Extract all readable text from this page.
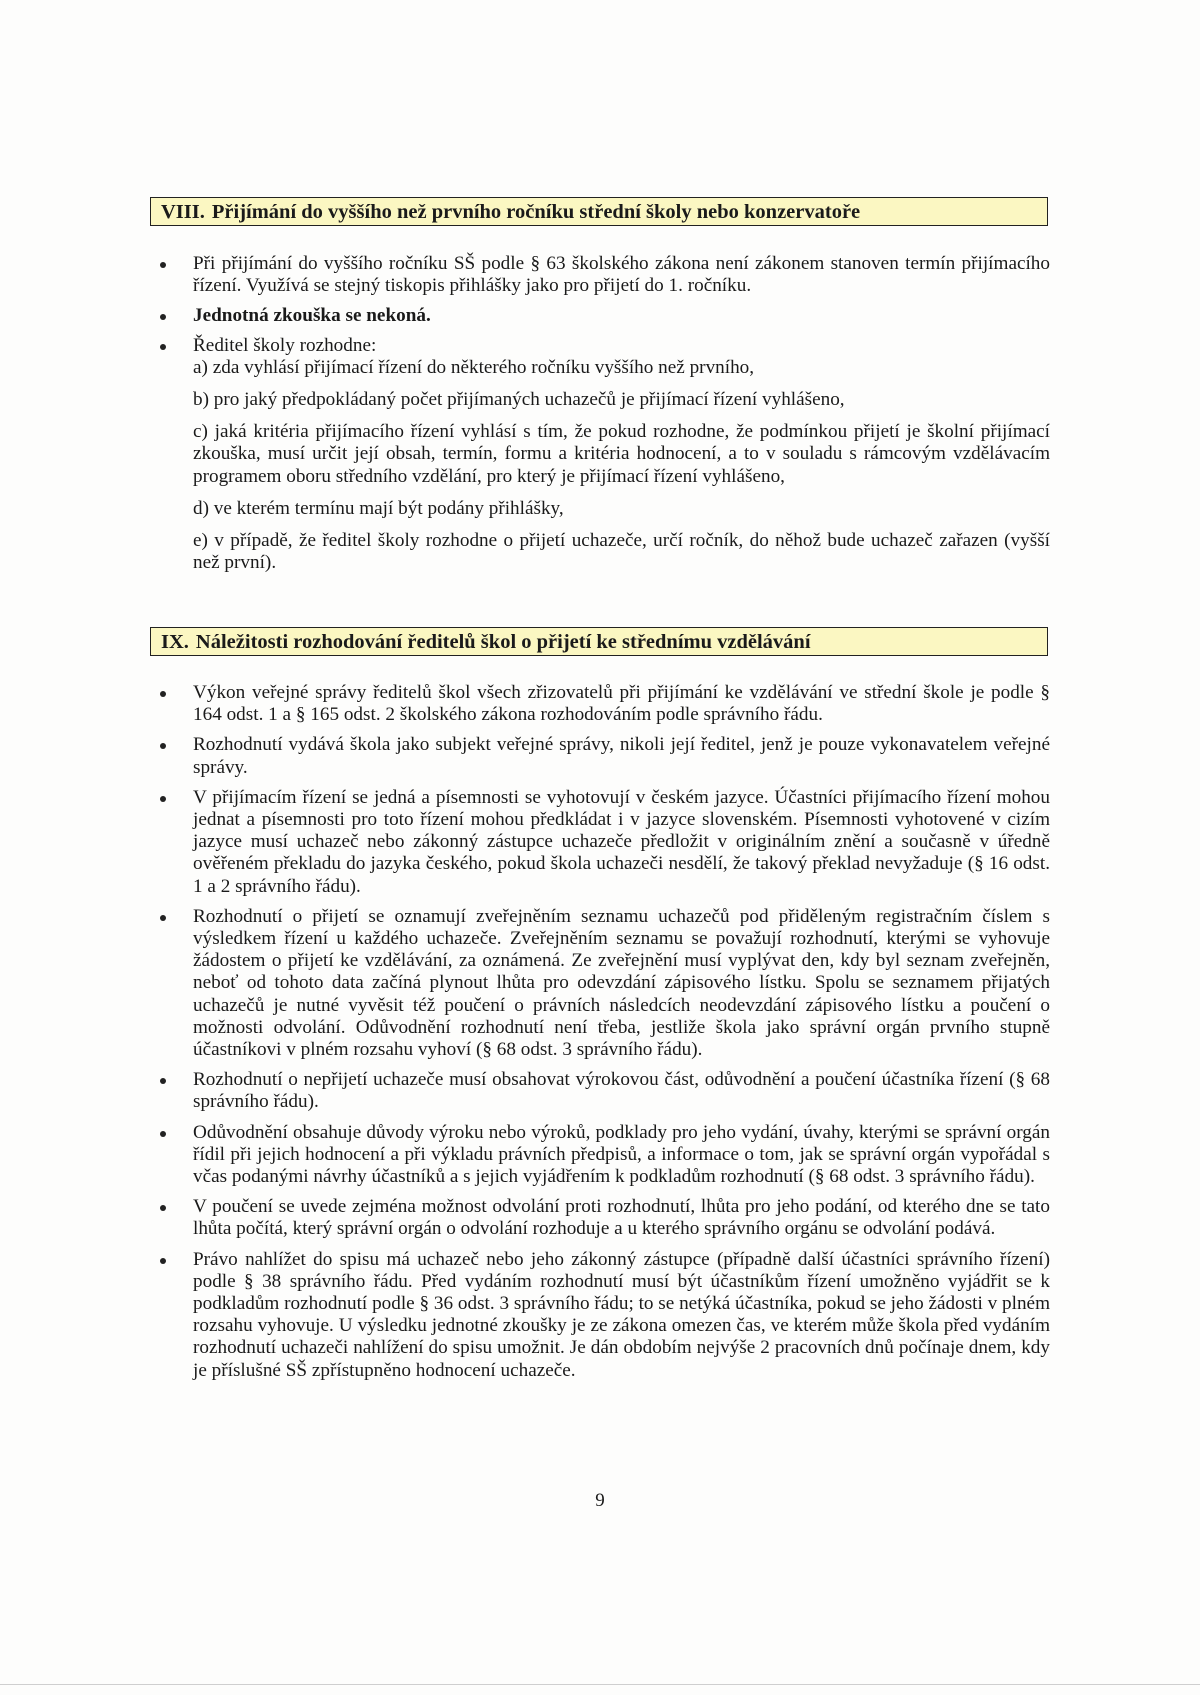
VIII. Přijímání do vyššího než prvního ročníku střední školy nebo konzervatoře
Při přijímání do vyššího ročníku SŠ podle § 63 školského zákona není zákonem stanoven termín přijímacího řízení. Využívá se stejný tiskopis přihlášky jako pro přijetí do 1. ročníku.
Jednotná zkouška se nekoná.
Ředitel školy rozhodne:
a) zda vyhlásí přijímací řízení do některého ročníku vyššího než prvního,
b) pro jaký předpokládaný počet přijímaných uchazečů je přijímací řízení vyhlášeno,
c) jaká kritéria přijímacího řízení vyhlásí s tím, že pokud rozhodne, že podmínkou přijetí je školní přijímací zkouška, musí určit její obsah, termín, formu a kritéria hodnocení, a to v souladu s rámcovým vzdělávacím programem oboru středního vzdělání, pro který je přijímací řízení vyhlášeno,
d) ve kterém termínu mají být podány přihlášky,
e) v případě, že ředitel školy rozhodne o přijetí uchazeče, určí ročník, do něhož bude uchazeč zařazen (vyšší než první).
IX. Náležitosti rozhodování ředitelů škol o přijetí ke střednímu vzdělávání
Výkon veřejné správy ředitelů škol všech zřizovatelů při přijímání ke vzdělávání ve střední škole je podle § 164 odst. 1 a § 165 odst. 2 školského zákona rozhodováním podle správního řádu.
Rozhodnutí vydává škola jako subjekt veřejné správy, nikoli její ředitel, jenž je pouze vykonavatelem veřejné správy.
V přijímacím řízení se jedná a písemnosti se vyhotovují v českém jazyce. Účastníci přijímacího řízení mohou jednat a písemnosti pro toto řízení mohou předkládat i v jazyce slovenském. Písemnosti vyhotovené v cizím jazyce musí uchazeč nebo zákonný zástupce uchazeče předložit v originálním znění a současně v úředně ověřeném překladu do jazyka českého, pokud škola uchazeči nesdělí, že takový překlad nevyžaduje (§ 16 odst. 1 a 2 správního řádu).
Rozhodnutí o přijetí se oznamují zveřejněním seznamu uchazečů pod přiděleným registračním číslem s výsledkem řízení u každého uchazeče. Zveřejněním seznamu se považují rozhodnutí, kterými se vyhovuje žádostem o přijetí ke vzdělávání, za oznámená. Ze zveřejnění musí vyplývat den, kdy byl seznam zveřejněn, neboť od tohoto data začíná plynout lhůta pro odevzdání zápisového lístku. Spolu se seznamem přijatých uchazečů je nutné vyvěsit též poučení o právních následcích neodevzdání zápisového lístku a poučení o možnosti odvolání. Odůvodnění rozhodnutí není třeba, jestliže škola jako správní orgán prvního stupně účastníkovi v plném rozsahu vyhoví (§ 68 odst. 3 správního řádu).
Rozhodnutí o nepřijetí uchazeče musí obsahovat výrokovou část, odůvodnění a poučení účastníka řízení (§ 68 správního řádu).
Odůvodnění obsahuje důvody výroku nebo výroků, podklady pro jeho vydání, úvahy, kterými se správní orgán řídil při jejich hodnocení a při výkladu právních předpisů, a informace o tom, jak se správní orgán vypořádal s včas podanými návrhy účastníků a s jejich vyjádřením k podkladům rozhodnutí (§ 68 odst. 3 správního řádu).
V poučení se uvede zejména možnost odvolání proti rozhodnutí, lhůta pro jeho podání, od kterého dne se tato lhůta počítá, který správní orgán o odvolání rozhoduje a u kterého správního orgánu se odvolání podává.
Právo nahlížet do spisu má uchazeč nebo jeho zákonný zástupce (případně další účastníci správního řízení) podle § 38 správního řádu. Před vydáním rozhodnutí musí být účastníkům řízení umožněno vyjádřit se k podkladům rozhodnutí podle § 36 odst. 3 správního řádu; to se netýká účastníka, pokud se jeho žádosti v plném rozsahu vyhovuje. U výsledku jednotné zkoušky je ze zákona omezen čas, ve kterém může škola před vydáním rozhodnutí uchazeči nahlížení do spisu umožnit. Je dán obdobím nejvýše 2 pracovních dnů počínaje dnem, kdy je příslušné SŠ zpřístupněno hodnocení uchazeče.
9
